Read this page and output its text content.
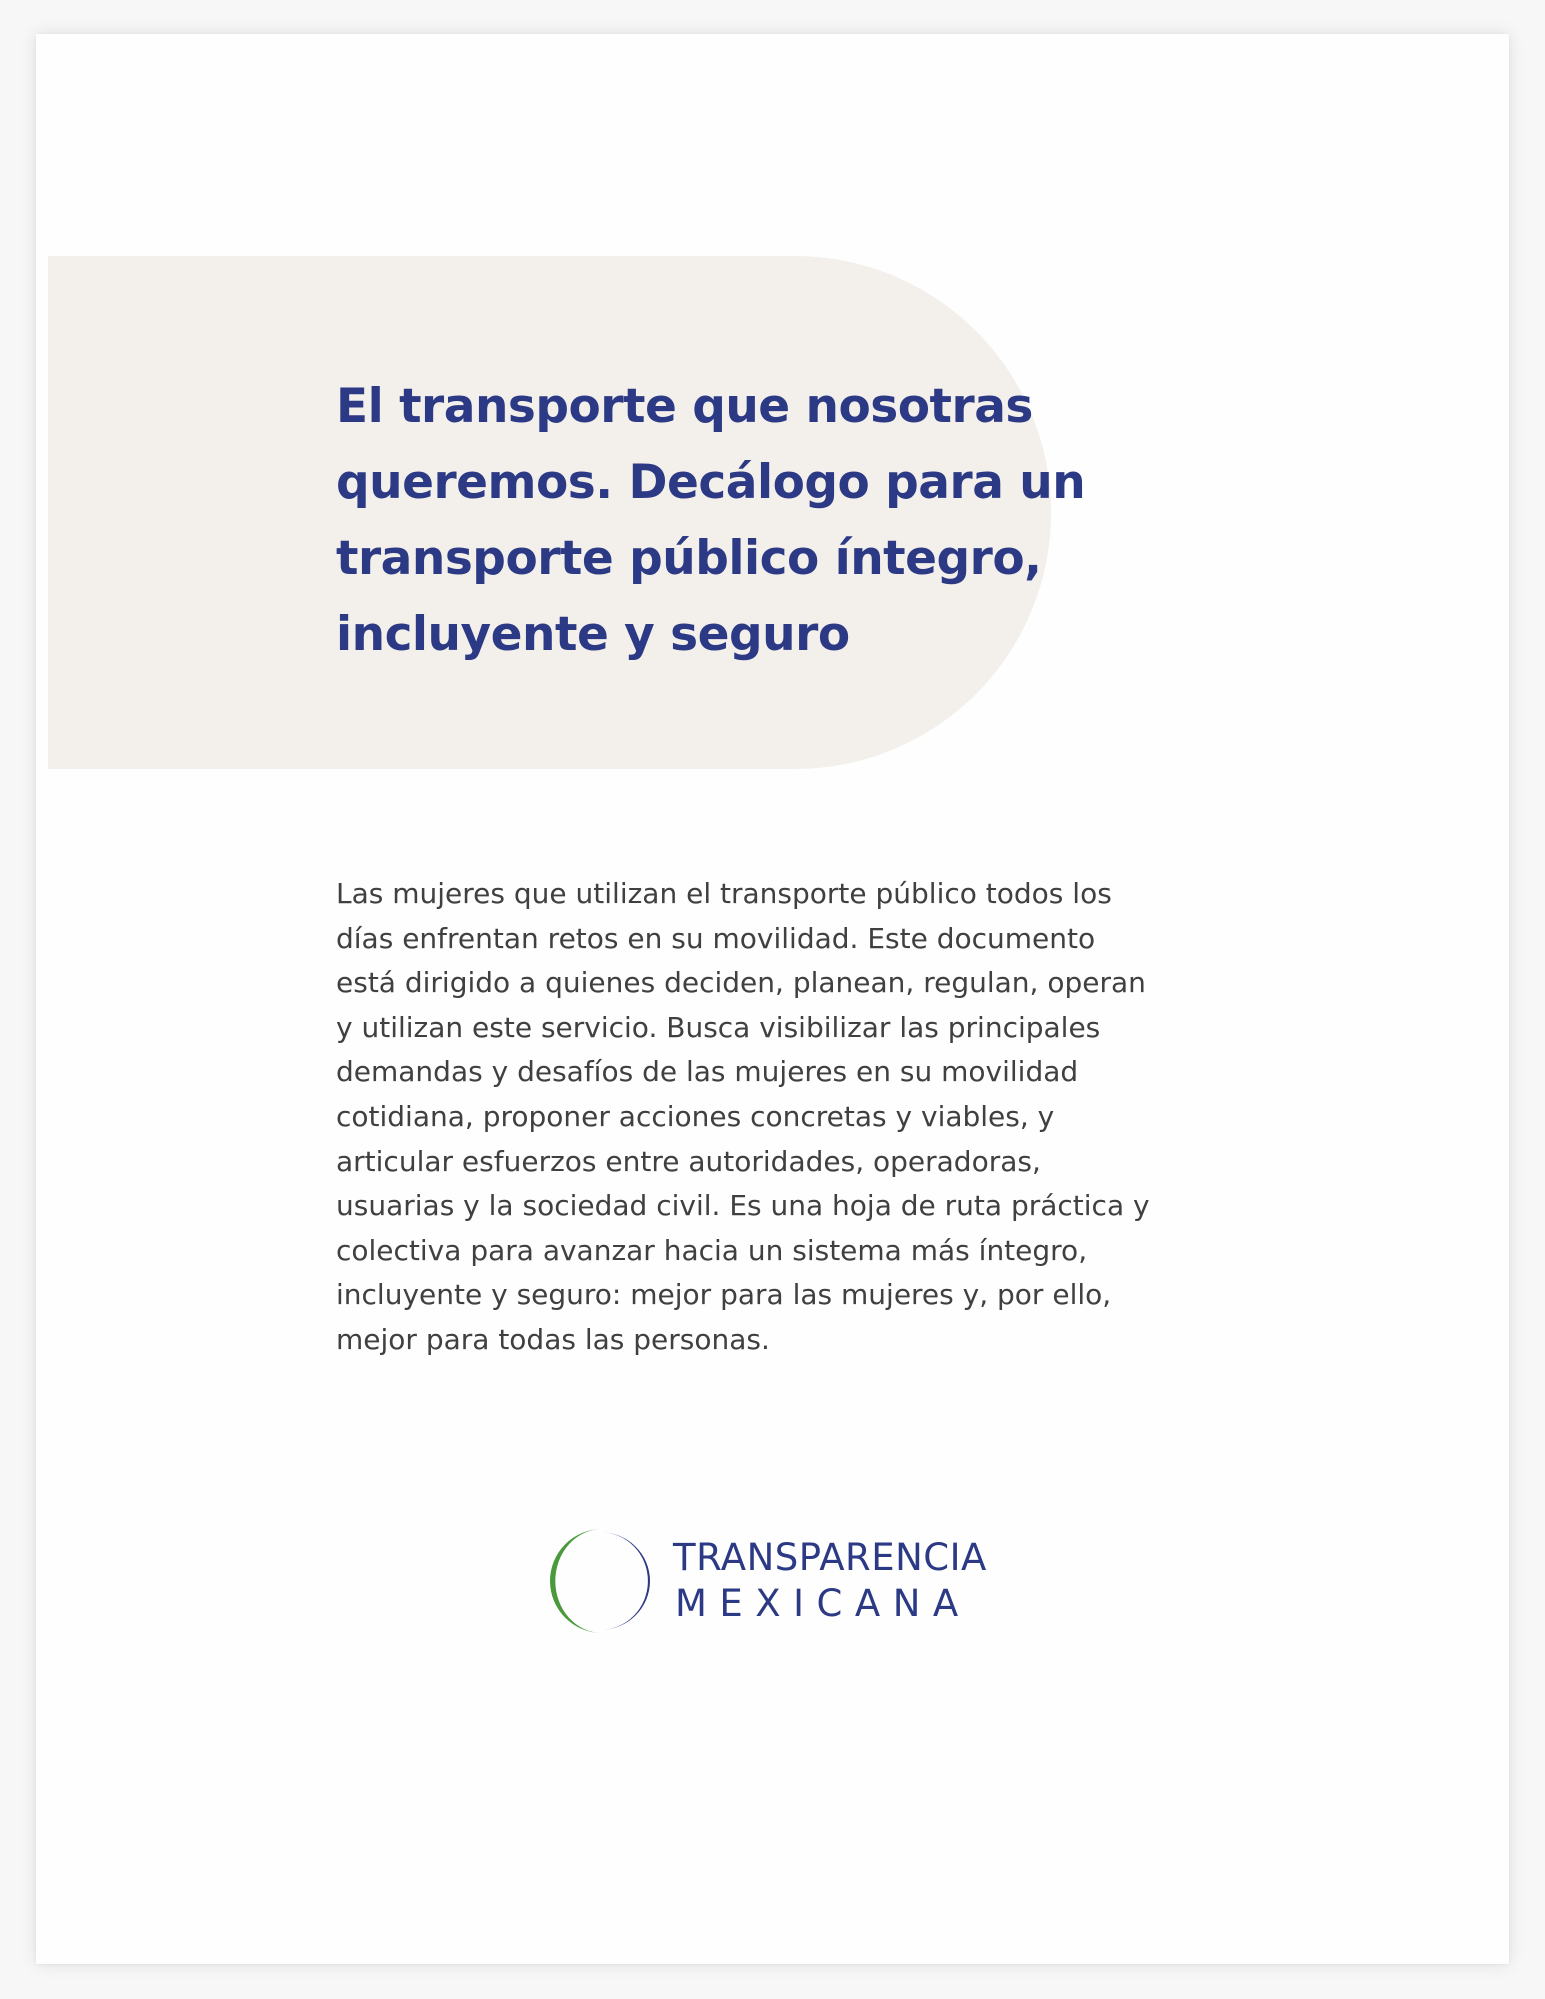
El transporte que nosotras queremos. Decálogo para un transporte público íntegro, incluyente y seguro

Las mujeres que utilizan el transporte público todos los días enfrentan retos en su movilidad. Este documento está dirigido a quienes deciden, planean, regulan, operan y utilizan este servicio. Busca visibilizar las principales demandas y desafíos de las mujeres en su movilidad cotidiana, proponer acciones concretas y viables, y articular esfuerzos entre autoridades, operadoras, usuarias y la sociedad civil. Es una hoja de ruta práctica y colectiva para avanzar hacia un sistema más íntegro, incluyente y seguro: mejor para las mujeres y, por ello, mejor para todas las personas.

TRANSPARENCIA
MEXICANA
